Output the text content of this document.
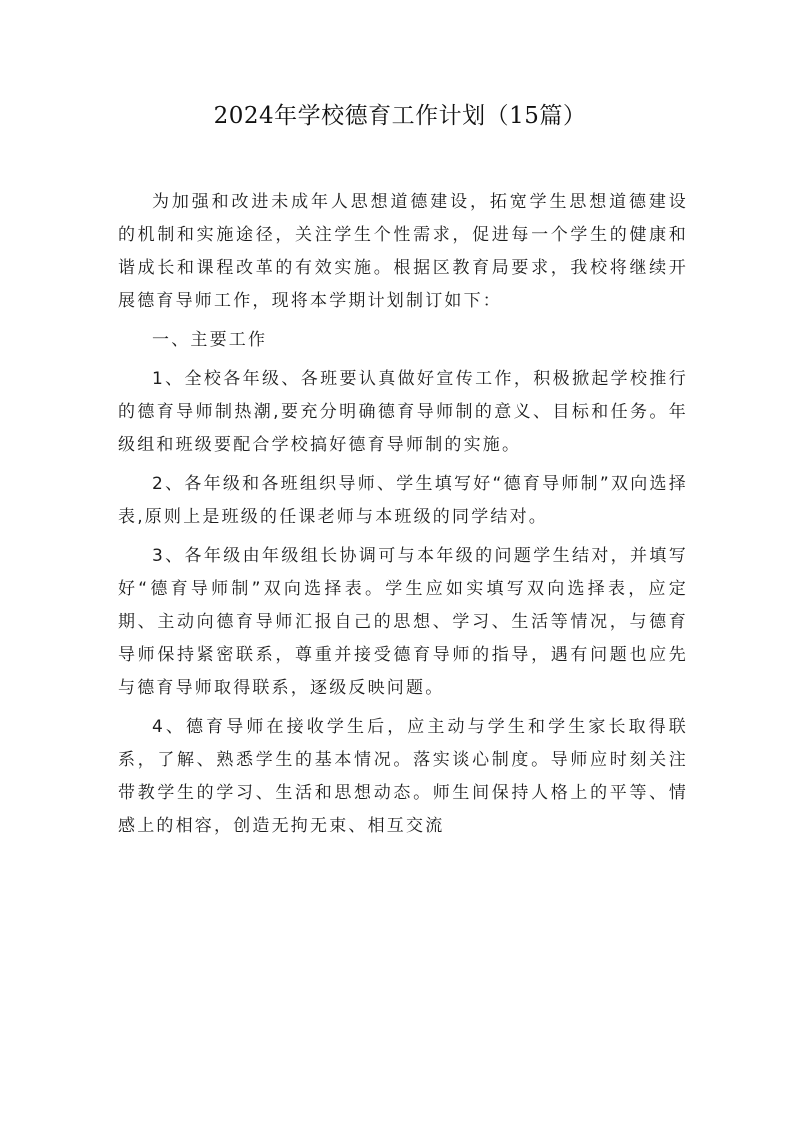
2024年学校德育工作计划（15篇）

为加强和改进未成年人思想道德建设，拓宽学生思想道德建设的机制和实施途径，关注学生个性需求，促进每一个学生的健康和谐成长和课程改革的有效实施。根据区教育局要求，我校将继续开展德育导师工作，现将本学期计划制订如下：

一、主要工作

1、全校各年级、各班要认真做好宣传工作，积极掀起学校推行的德育导师制热潮,要充分明确德育导师制的意义、目标和任务。年级组和班级要配合学校搞好德育导师制的实施。

2、各年级和各班组织导师、学生填写好“德育导师制”双向选择表,原则上是班级的任课老师与本班级的同学结对。

3、各年级由年级组长协调可与本年级的问题学生结对，并填写好“德育导师制”双向选择表。学生应如实填写双向选择表，应定期、主动向德育导师汇报自己的思想、学习、生活等情况，与德育导师保持紧密联系，尊重并接受德育导师的指导，遇有问题也应先与德育导师取得联系，逐级反映问题。

4、德育导师在接收学生后，应主动与学生和学生家长取得联系，了解、熟悉学生的基本情况。落实谈心制度。导师应时刻关注带教学生的学习、生活和思想动态。师生间保持人格上的平等、情感上的相容，创造无拘无束、相互交流
